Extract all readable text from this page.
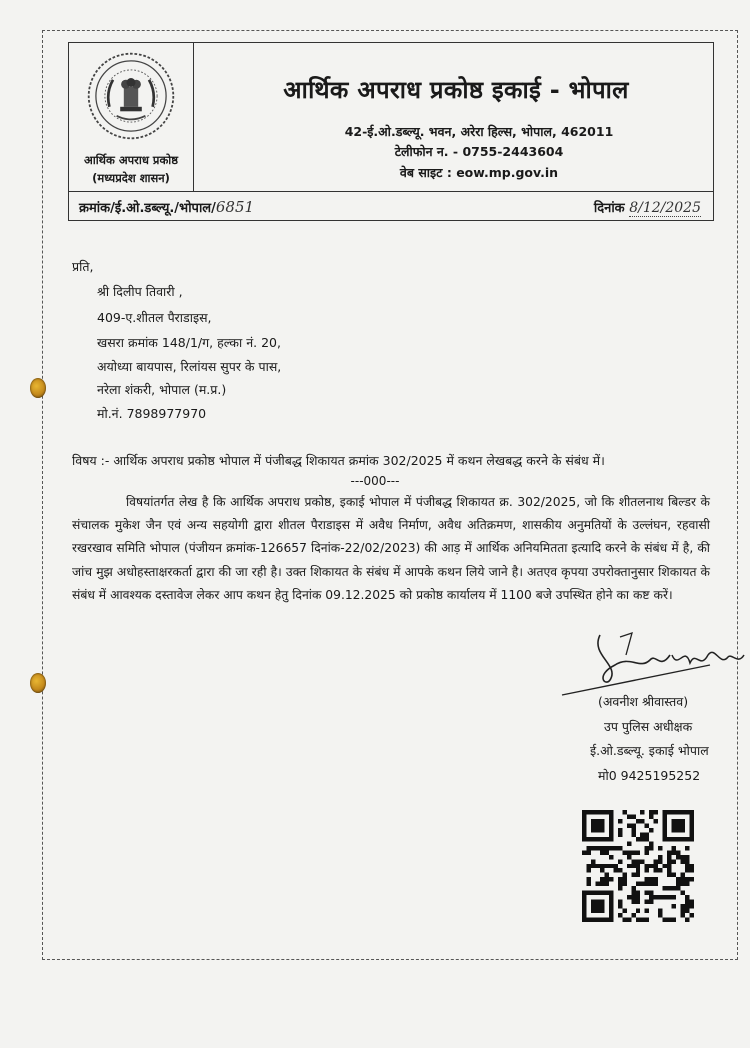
आर्थिक अपराध प्रकोष्ठ
(मध्यप्रदेश शासन)
आर्थिक अपराध प्रकोष्ठ इकाई - भोपाल
42-ई.ओ.डब्ल्यू. भवन, अरेरा हिल्स, भोपाल, 462011
टेलीफोन न. - 0755-2443604
वेब साइट : eow.mp.gov.in
क्रमांक/ई.ओ.डब्ल्यू./भोपाल/6851	दिनांक 8/12/2025
प्रति,
श्री दिलीप तिवारी ,
409-ए.शीतल पैराडाइस,
खसरा क्रमांक 148/1/ग, हल्का नं. 20,
अयोध्या बायपास, रिलांयस सुपर के पास,
नरेला शंकरी, भोपाल (म.प्र.)
मो.नं. 7898977970
विषय :- आर्थिक अपराध प्रकोष्ठ भोपाल में पंजीबद्ध शिकायत क्रमांक 302/2025 में कथन लेखबद्ध करने के संबंध में।
---000---
विषयांतर्गत लेख है कि आर्थिक अपराध प्रकोष्ठ, इकाई भोपाल में पंजीबद्ध शिकायत क्र. 302/2025, जो कि शीतलनाथ बिल्डर के संचालक मुकेश जैन एवं अन्य सहयोगी द्वारा शीतल पैराडाइस में अवैध निर्माण, अवैध अतिक्रमण, शासकीय अनुमतियों के उल्लंघन, रहवासी रखरखाव समिति भोपाल (पंजीयन क्रमांक-126657 दिनांक-22/02/2023) की आड़ में आर्थिक अनियमितता इत्यादि करने के संबंध में है, की जांच मुझ अधोहस्ताक्षरकर्ता द्वारा की जा रही है। उक्त शिकायत के संबंध में आपके कथन लिये जाने है। अतएव कृपया उपरोक्तानुसार शिकायत के संबंध में आवश्यक दस्तावेज लेकर आप कथन हेतु दिनांक 09.12.2025 को प्रकोष्ठ कार्यालय में 1100 बजे उपस्थित होने का कष्ट करें।
(अवनीश श्रीवास्तव)
उप पुलिस अधीक्षक
ई.ओ.डब्ल्यू. इकाई भोपाल
मो0 9425195252
